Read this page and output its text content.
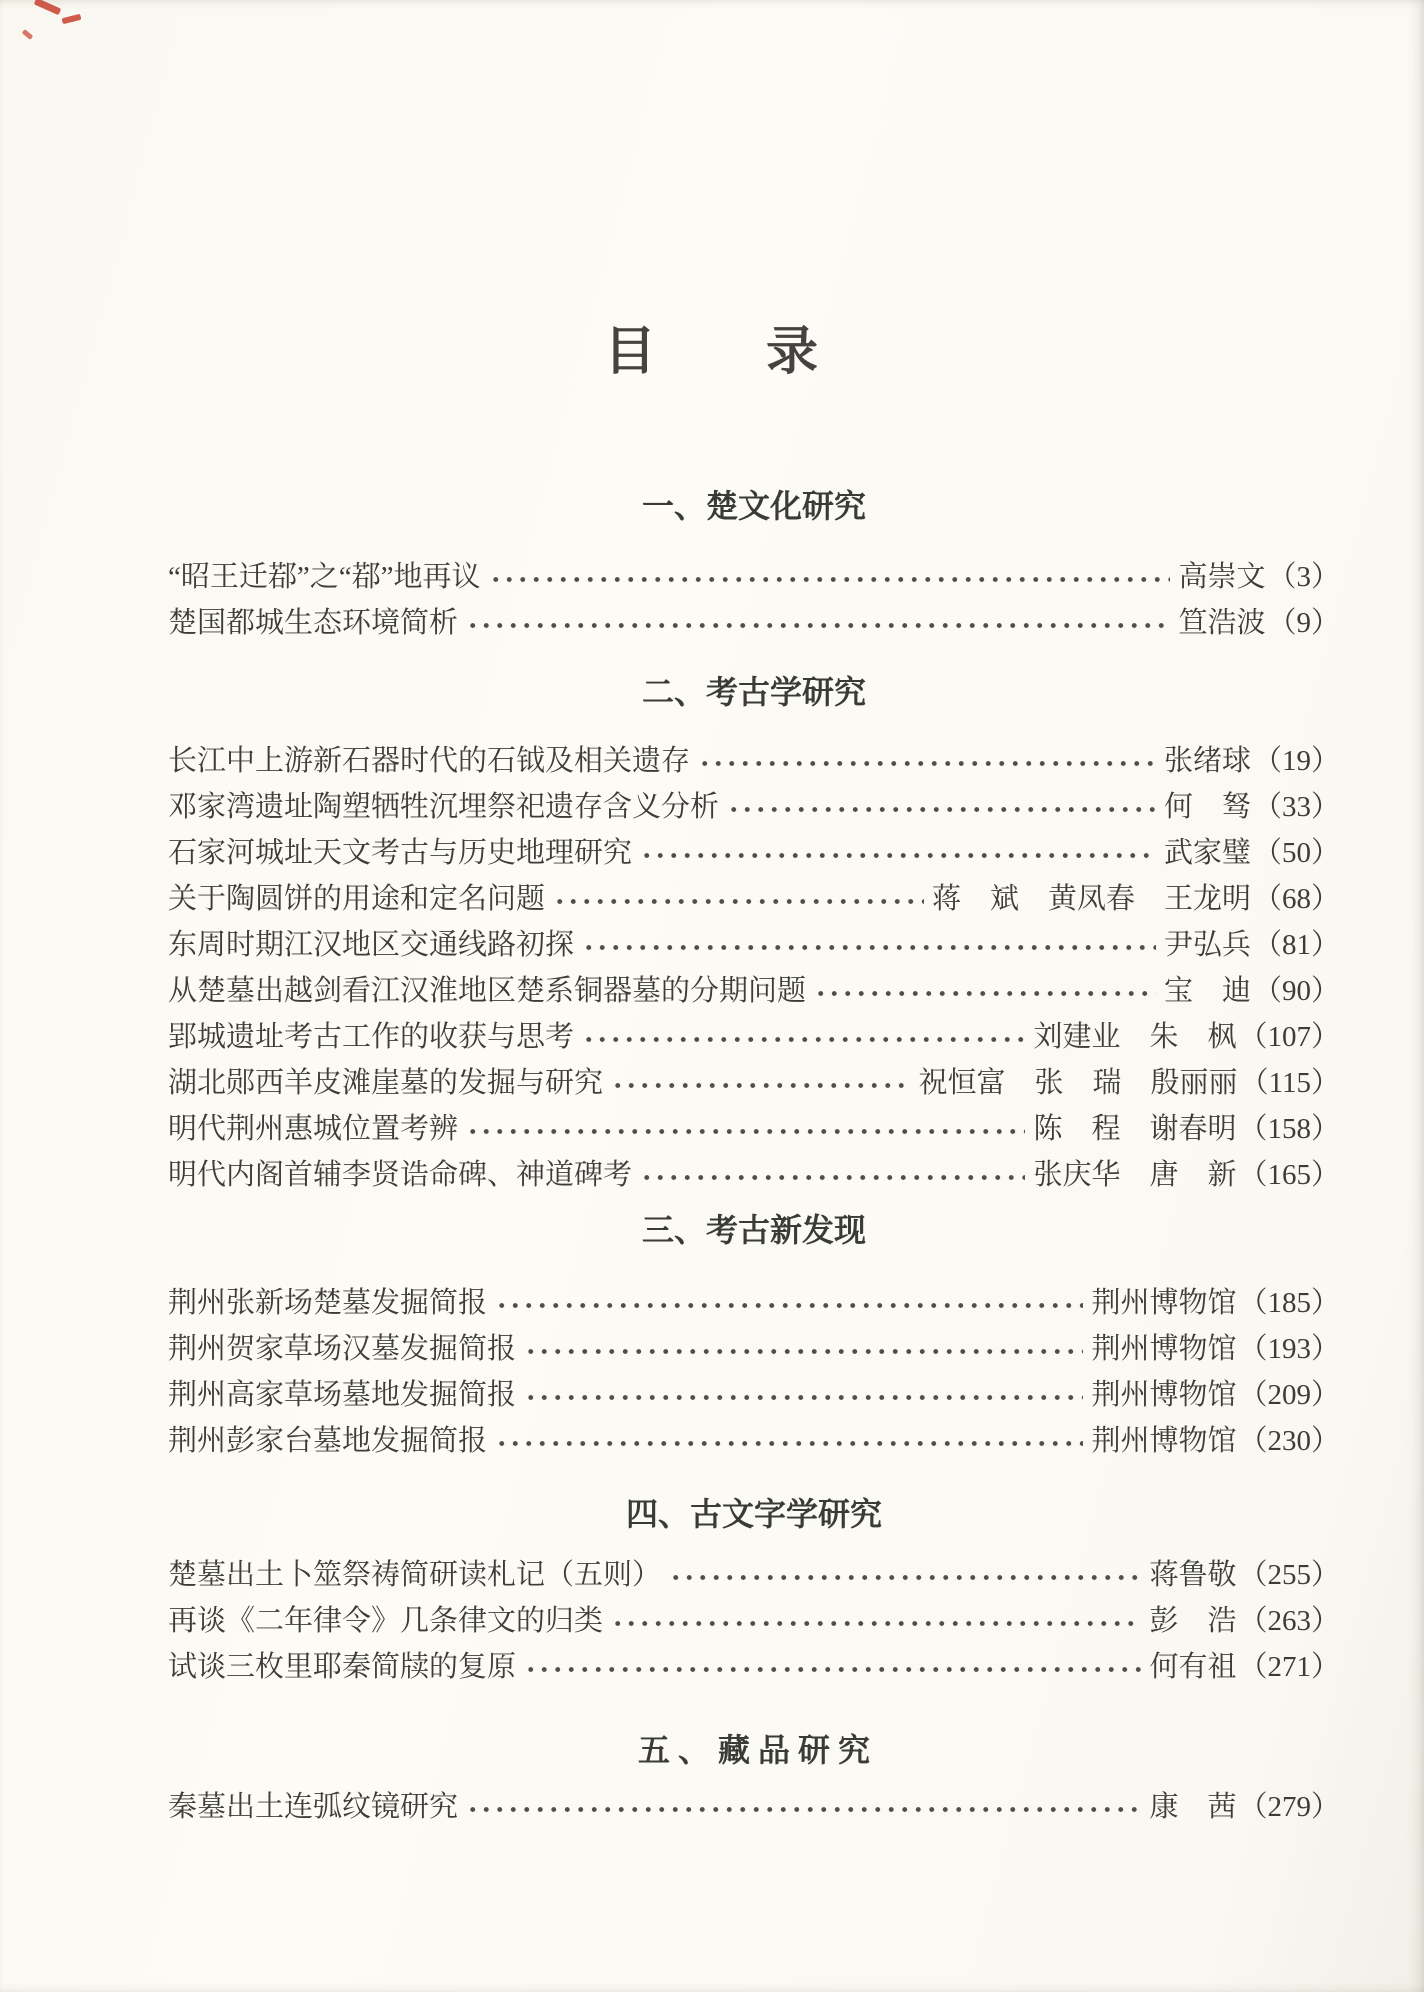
目　　录
一、楚文化研究
“昭王迁鄀”之“鄀”地再议	高崇文 （3）
楚国都城生态环境简析	笪浩波 （9）
二、考古学研究
长江中上游新石器时代的石钺及相关遗存	张绪球 （19）
邓家湾遗址陶塑牺牲沉埋祭祀遗存含义分析	何　驽 （33）
石家河城址天文考古与历史地理研究	武家璧 （50）
关于陶圆饼的用途和定名问题	蒋　斌　黄凤春　王龙明 （68）
东周时期江汉地区交通线路初探	尹弘兵 （81）
从楚墓出越剑看江汉淮地区楚系铜器墓的分期问题	宝　迪 （90）
郢城遗址考古工作的收获与思考	刘建业　朱　枫 （107）
湖北郧西羊皮滩崖墓的发掘与研究	祝恒富　张　瑞　殷丽丽 （115）
明代荆州惠城位置考辨	陈　程　谢春明 （158）
明代内阁首辅李贤诰命碑、神道碑考	张庆华　唐　新 （165）
三、考古新发现
荆州张新场楚墓发掘简报	荆州博物馆 （185）
荆州贺家草场汉墓发掘简报	荆州博物馆 （193）
荆州高家草场墓地发掘简报	荆州博物馆 （209）
荆州彭家台墓地发掘简报	荆州博物馆 （230）
四、古文字学研究
楚墓出土卜筮祭祷简研读札记（五则）	蒋鲁敬 （255）
再谈《二年律令》几条律文的归类	彭　浩 （263）
试谈三枚里耶秦简牍的复原	何有祖 （271）
五、藏品研究
秦墓出土连弧纹镜研究	康　茜 （279）
